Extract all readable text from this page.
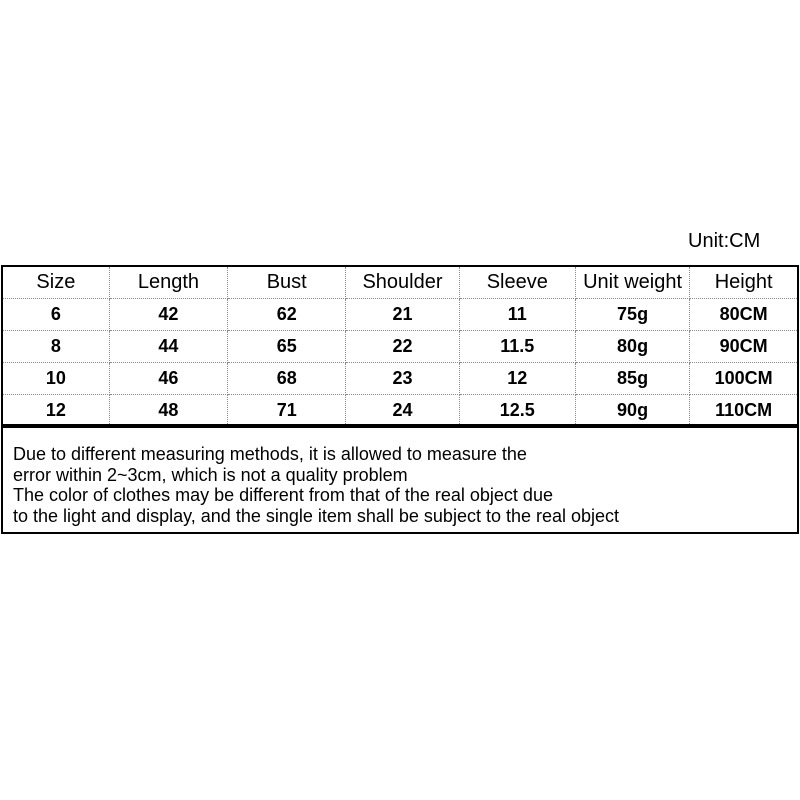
Unit:CM
Size	Length	Bust	Shoulder	Sleeve	Unit weight	Height
6	42	62	21	11	75g	80CM
8	44	65	22	11.5	80g	90CM
10	46	68	23	12	85g	100CM
12	48	71	24	12.5	90g	110CM
Due to different measuring methods, it is allowed to measure the
error within 2~3cm, which is not a quality problem
The color of clothes may be different from that of the real object due
to the light and display, and the single item shall be subject to the real object
